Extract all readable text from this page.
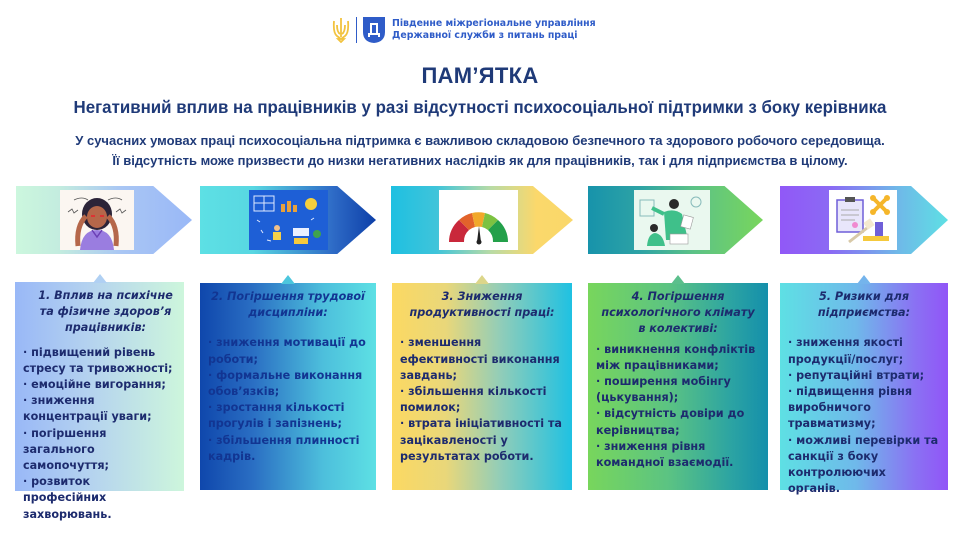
Південне міжрегіональне управління
Державної служби з питань праці
ПАМ’ЯТКА
Негативний вплив на працівників у разі відсутності психосоціальної підтримки з боку керівника
У сучасних умовах праці психосоціальна підтримка є важливою складовою безпечного та здорового робочого середовища.
Її відсутність може призвести до низки негативних наслідків як для працівників, так і для підприємства в цілому.
1. Вплив на психічне та фізичне здоров’я працівників:
· підвищений рівень стресу та тривожності;
· емоційне вигорання;
· зниження концентрації уваги;
· погіршення загального самопочуття;
· розвиток професійних захворювань.
2. Погіршення трудової дисципліни:
· зниження мотивації до роботи;
· формальне виконання обов’язків;
· зростання кількості прогулів і запізнень;
· збільшення плинності кадрів.
3. Зниження продуктивності праці:
· зменшення ефективності виконання завдань;
· збільшення кількості помилок;
· втрата ініціативності та зацікавленості у результатах роботи.
4. Погіршення психологічного клімату в колективі:
· виникнення конфліктів між працівниками;
· поширення мобінгу (цькування);
· відсутність довіри до керівництва;
· зниження рівня командної взаємодії.
5. Ризики для підприємства:
· зниження якості продукції/послуг;
· репутаційні втрати;
· підвищення рівня виробничого травматизму;
· можливі перевірки та санкції з боку контролюючих органів.
